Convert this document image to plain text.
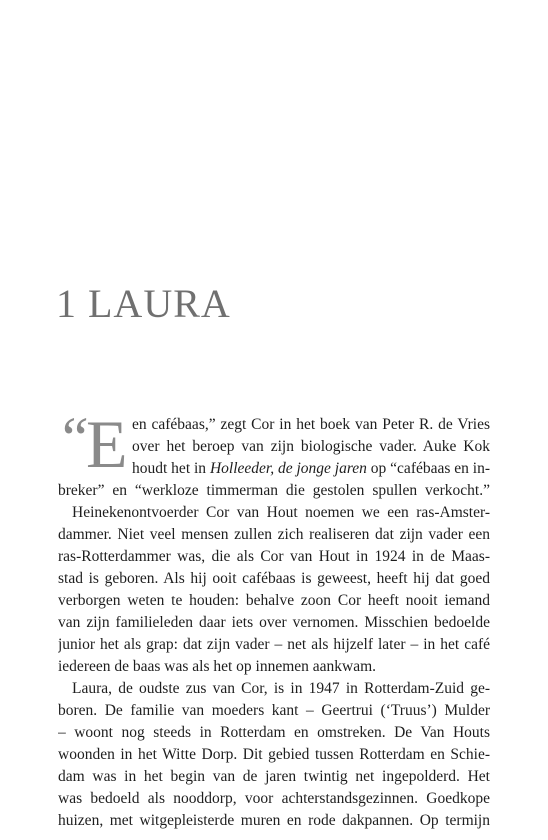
1 LAURA
“ E en cafébaas,” zegt Cor in het boek van Peter R. de Vries
over het beroep van zijn biologische vader. Auke Kok
houdt het in Holleeder, de jonge jaren op “cafébaas en in-
breker” en “werkloze timmerman die gestolen spullen verkocht.”
Heinekenontvoerder Cor van Hout noemen we een ras-Amster-
dammer. Niet veel mensen zullen zich realiseren dat zijn vader een
ras-Rotterdammer was, die als Cor van Hout in 1924 in de Maas-
stad is geboren. Als hij ooit cafébaas is geweest, heeft hij dat goed
verborgen weten te houden: behalve zoon Cor heeft nooit iemand
van zijn familieleden daar iets over vernomen. Misschien bedoelde
junior het als grap: dat zijn vader – net als hijzelf later – in het café
iedereen de baas was als het op innemen aankwam.
Laura, de oudste zus van Cor, is in 1947 in Rotterdam-Zuid ge-
boren. De familie van moeders kant – Geertrui (‘Truus’) Mulder
– woont nog steeds in Rotterdam en omstreken. De Van Houts
woonden in het Witte Dorp. Dit gebied tussen Rotterdam en Schie-
dam was in het begin van de jaren twintig net ingepolderd. Het
was bedoeld als nooddorp, voor achterstandsgezinnen. Goedkope
huizen, met witgepleisterde muren en rode dakpannen. Op termijn
